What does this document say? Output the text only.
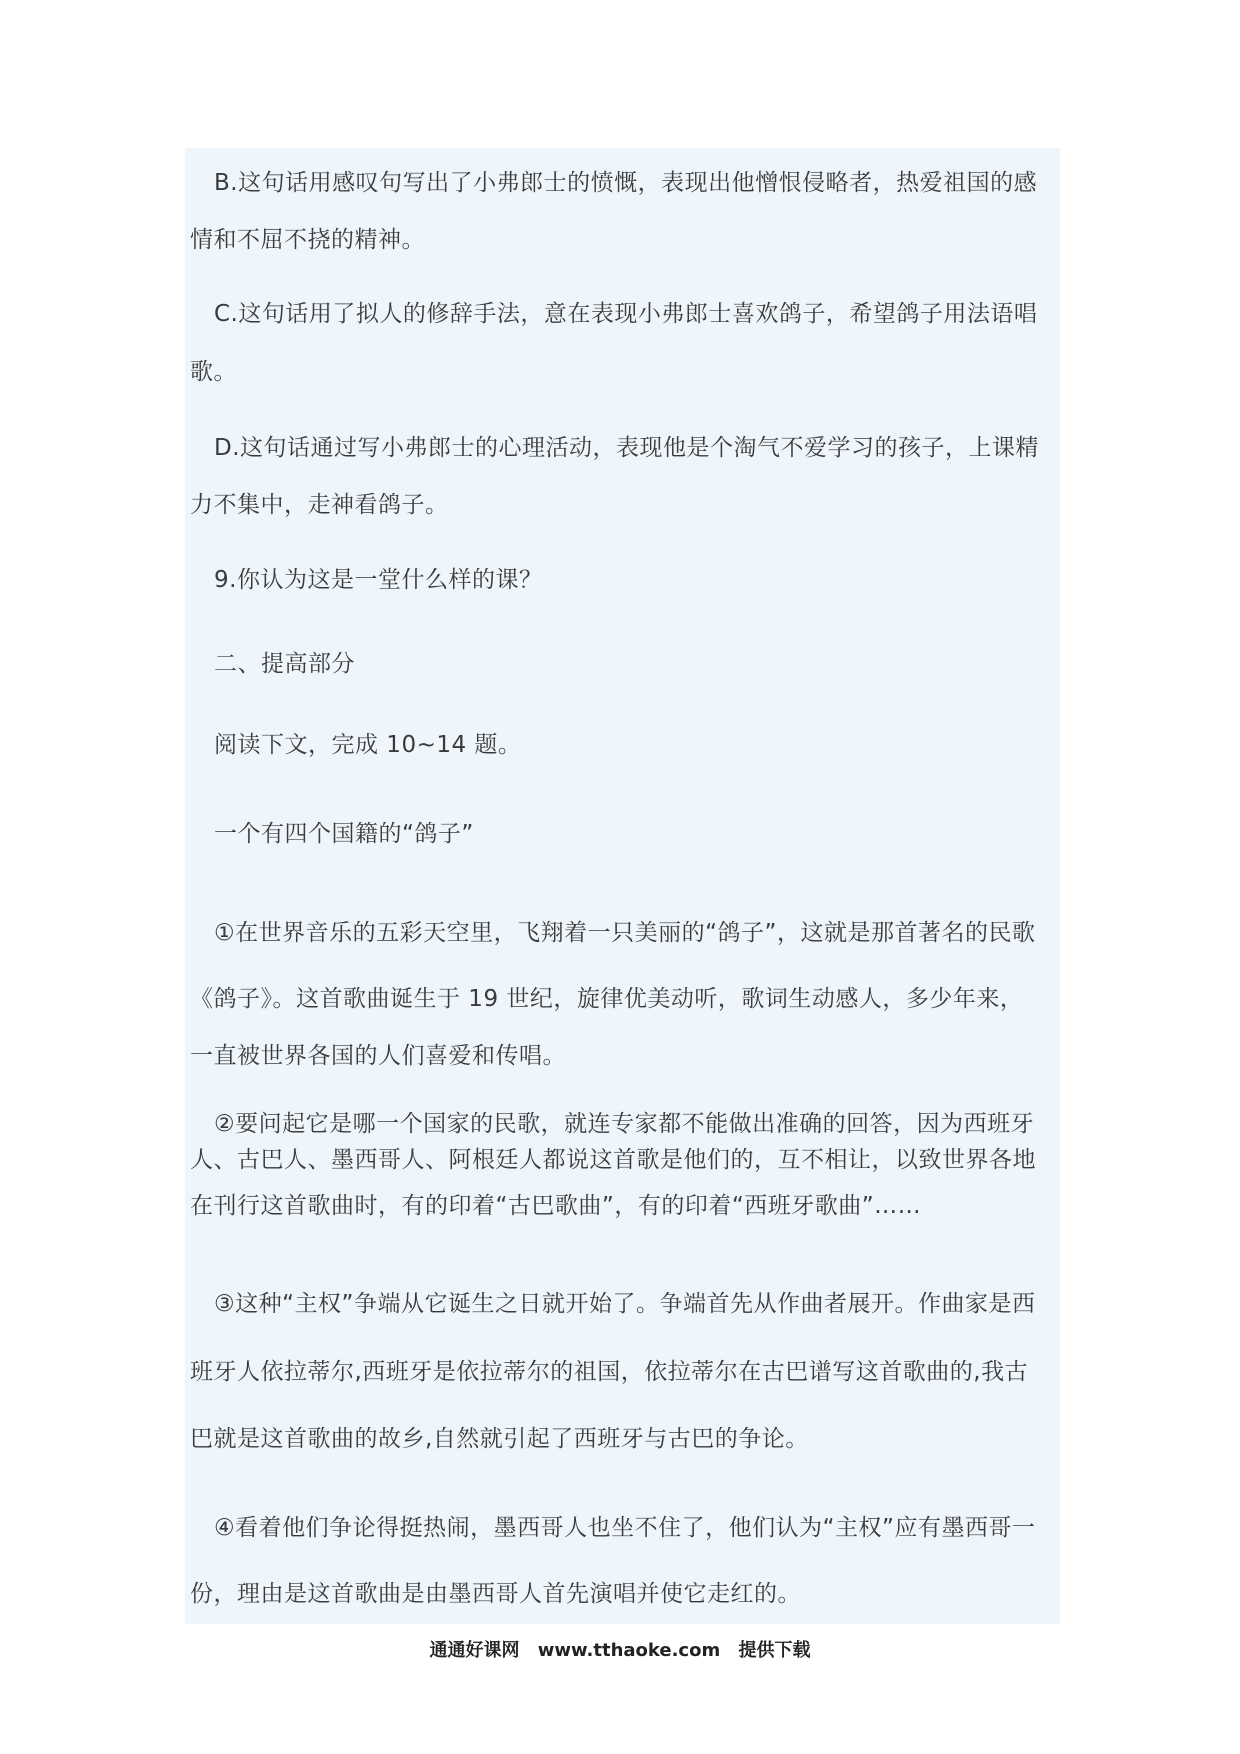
B.这句话用感叹句写出了小弗郎士的愤慨，表现出他憎恨侵略者，热爱祖国的感
情和不屈不挠的精神。
C.这句话用了拟人的修辞手法，意在表现小弗郎士喜欢鸽子，希望鸽子用法语唱
歌。
D.这句话通过写小弗郎士的心理活动，表现他是个淘气不爱学习的孩子，上课精
力不集中，走神看鸽子。
9.你认为这是一堂什么样的课？
二、提高部分
阅读下文，完成 10~14 题。
一个有四个国籍的“鸽子”
①在世界音乐的五彩天空里，飞翔着一只美丽的“鸽子”，这就是那首著名的民歌
《鸽子》。这首歌曲诞生于 19 世纪，旋律优美动听，歌词生动感人，多少年来，
一直被世界各国的人们喜爱和传唱。
②要问起它是哪一个国家的民歌，就连专家都不能做出准确的回答，因为西班牙
人、古巴人、墨西哥人、阿根廷人都说这首歌是他们的，互不相让，以致世界各地
在刊行这首歌曲时，有的印着“古巴歌曲”，有的印着“西班牙歌曲”……
③这种“主权”争端从它诞生之日就开始了。争端首先从作曲者展开。作曲家是西
班牙人依拉蒂尔,西班牙是依拉蒂尔的祖国，依拉蒂尔在古巴谱写这首歌曲的,我古
巴就是这首歌曲的故乡,自然就引起了西班牙与古巴的争论。
④看着他们争论得挺热闹，墨西哥人也坐不住了，他们认为“主权”应有墨西哥一
份，理由是这首歌曲是由墨西哥人首先演唱并使它走红的。
通通好课网 www.tthaoke.com 提供下载
